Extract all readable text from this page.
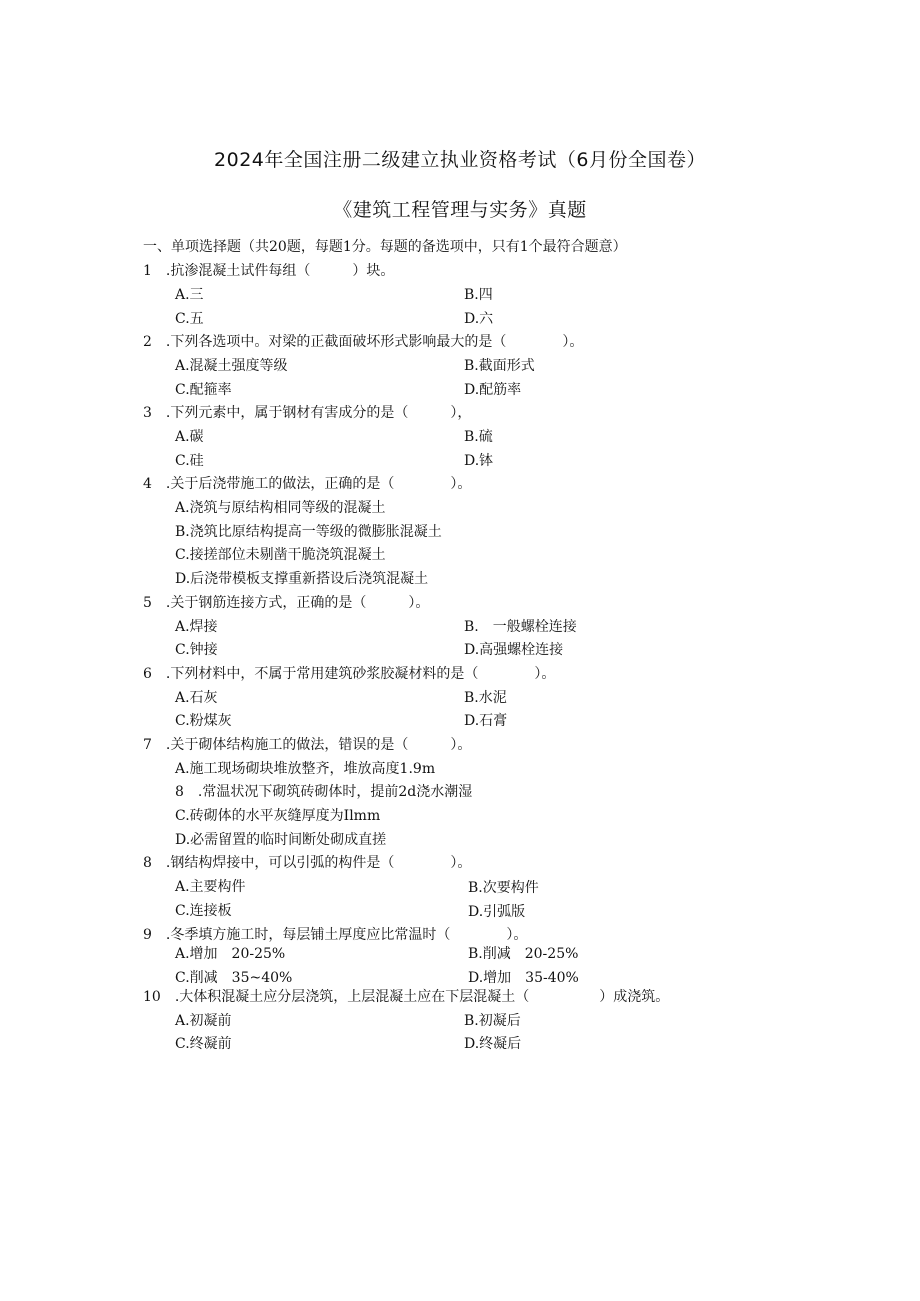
2024年全国注册二级建立执业资格考试（6月份全国卷）
《建筑工程管理与实务》真题
一、单项选择题（共20题，每题1分。每题的备选项中，只有1个最符合题意）
1　.抗渗混凝土试件每组（　　　）块。
A.三	B.四
C.五	D.六
2　.下列各选项中。对梁的正截面破坏形式影响最大的是（　　　　）。
A.混凝土强度等级	B.截面形式
C.配箍率	D.配筋率
3　.下列元素中，属于钢材有害成分的是（　　　），
A.碳	B.硫
C.硅	D.钵
4　.关于后浇带施工的做法，正确的是（　　　　）。
A.浇筑与原结构相同等级的混凝土
B.浇筑比原结构提高一等级的微膨胀混凝土
C.接搓部位未剔凿干脆浇筑混凝土
D.后浇带模板支撑重新搭设后浇筑混凝土
5　.关于钢筋连接方式，正确的是（　　　）。
A.焊接	B.　一般螺栓连接
C.钟接	D.高强螺栓连接
6　.下列材料中，不属于常用建筑砂浆胶凝材料的是（　　　　）。
A.石灰	B.水泥
C.粉煤灰	D.石膏
7　.关于砌体结构施工的做法，错误的是（　　　）。
A.施工现场砌块堆放整齐，堆放高度1.9m
8　.常温状况下砌筑砖砌体时，提前2d浇水潮湿
C.砖砌体的水平灰缝厚度为Ilmm
D.必需留置的临时间断处砌成直搓
8　.钢结构焊接中，可以引弧的构件是（　　　　）。
A.主要构件	B.次要构件
C.连接板	D.引弧版
9　.冬季填方施工时，每层铺土厚度应比常温时（　　　　）。
A.增加　20-25%	B.削减　20-25%
C.削减　35~40%	D.增加　35-40%
10　.大体积混凝土应分层浇筑，上层混凝土应在下层混凝土（　　　　　）成浇筑。
A.初凝前	B.初凝后
C.终凝前	D.终凝后
